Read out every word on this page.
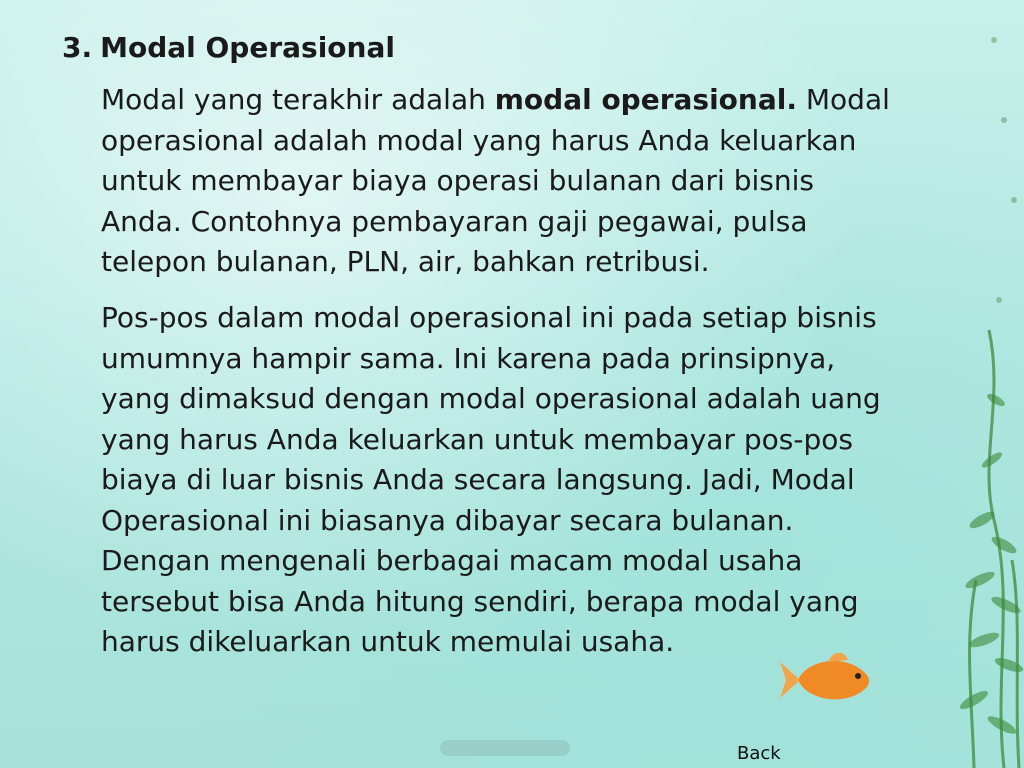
3. Modal Operasional

Modal yang terakhir adalah modal operasional. Modal
operasional adalah modal yang harus Anda keluarkan
untuk membayar biaya operasi bulanan dari bisnis
Anda. Contohnya pembayaran gaji pegawai, pulsa
telepon bulanan, PLN, air, bahkan retribusi.

Pos-pos dalam modal operasional ini pada setiap bisnis
umumnya hampir sama. Ini karena pada prinsipnya,
yang dimaksud dengan modal operasional adalah uang
yang harus Anda keluarkan untuk membayar pos-pos
biaya di luar bisnis Anda secara langsung. Jadi, Modal
Operasional ini biasanya dibayar secara bulanan.
Dengan mengenali berbagai macam modal usaha
tersebut bisa Anda hitung sendiri, berapa modal yang
harus dikeluarkan untuk memulai usaha.

Back
